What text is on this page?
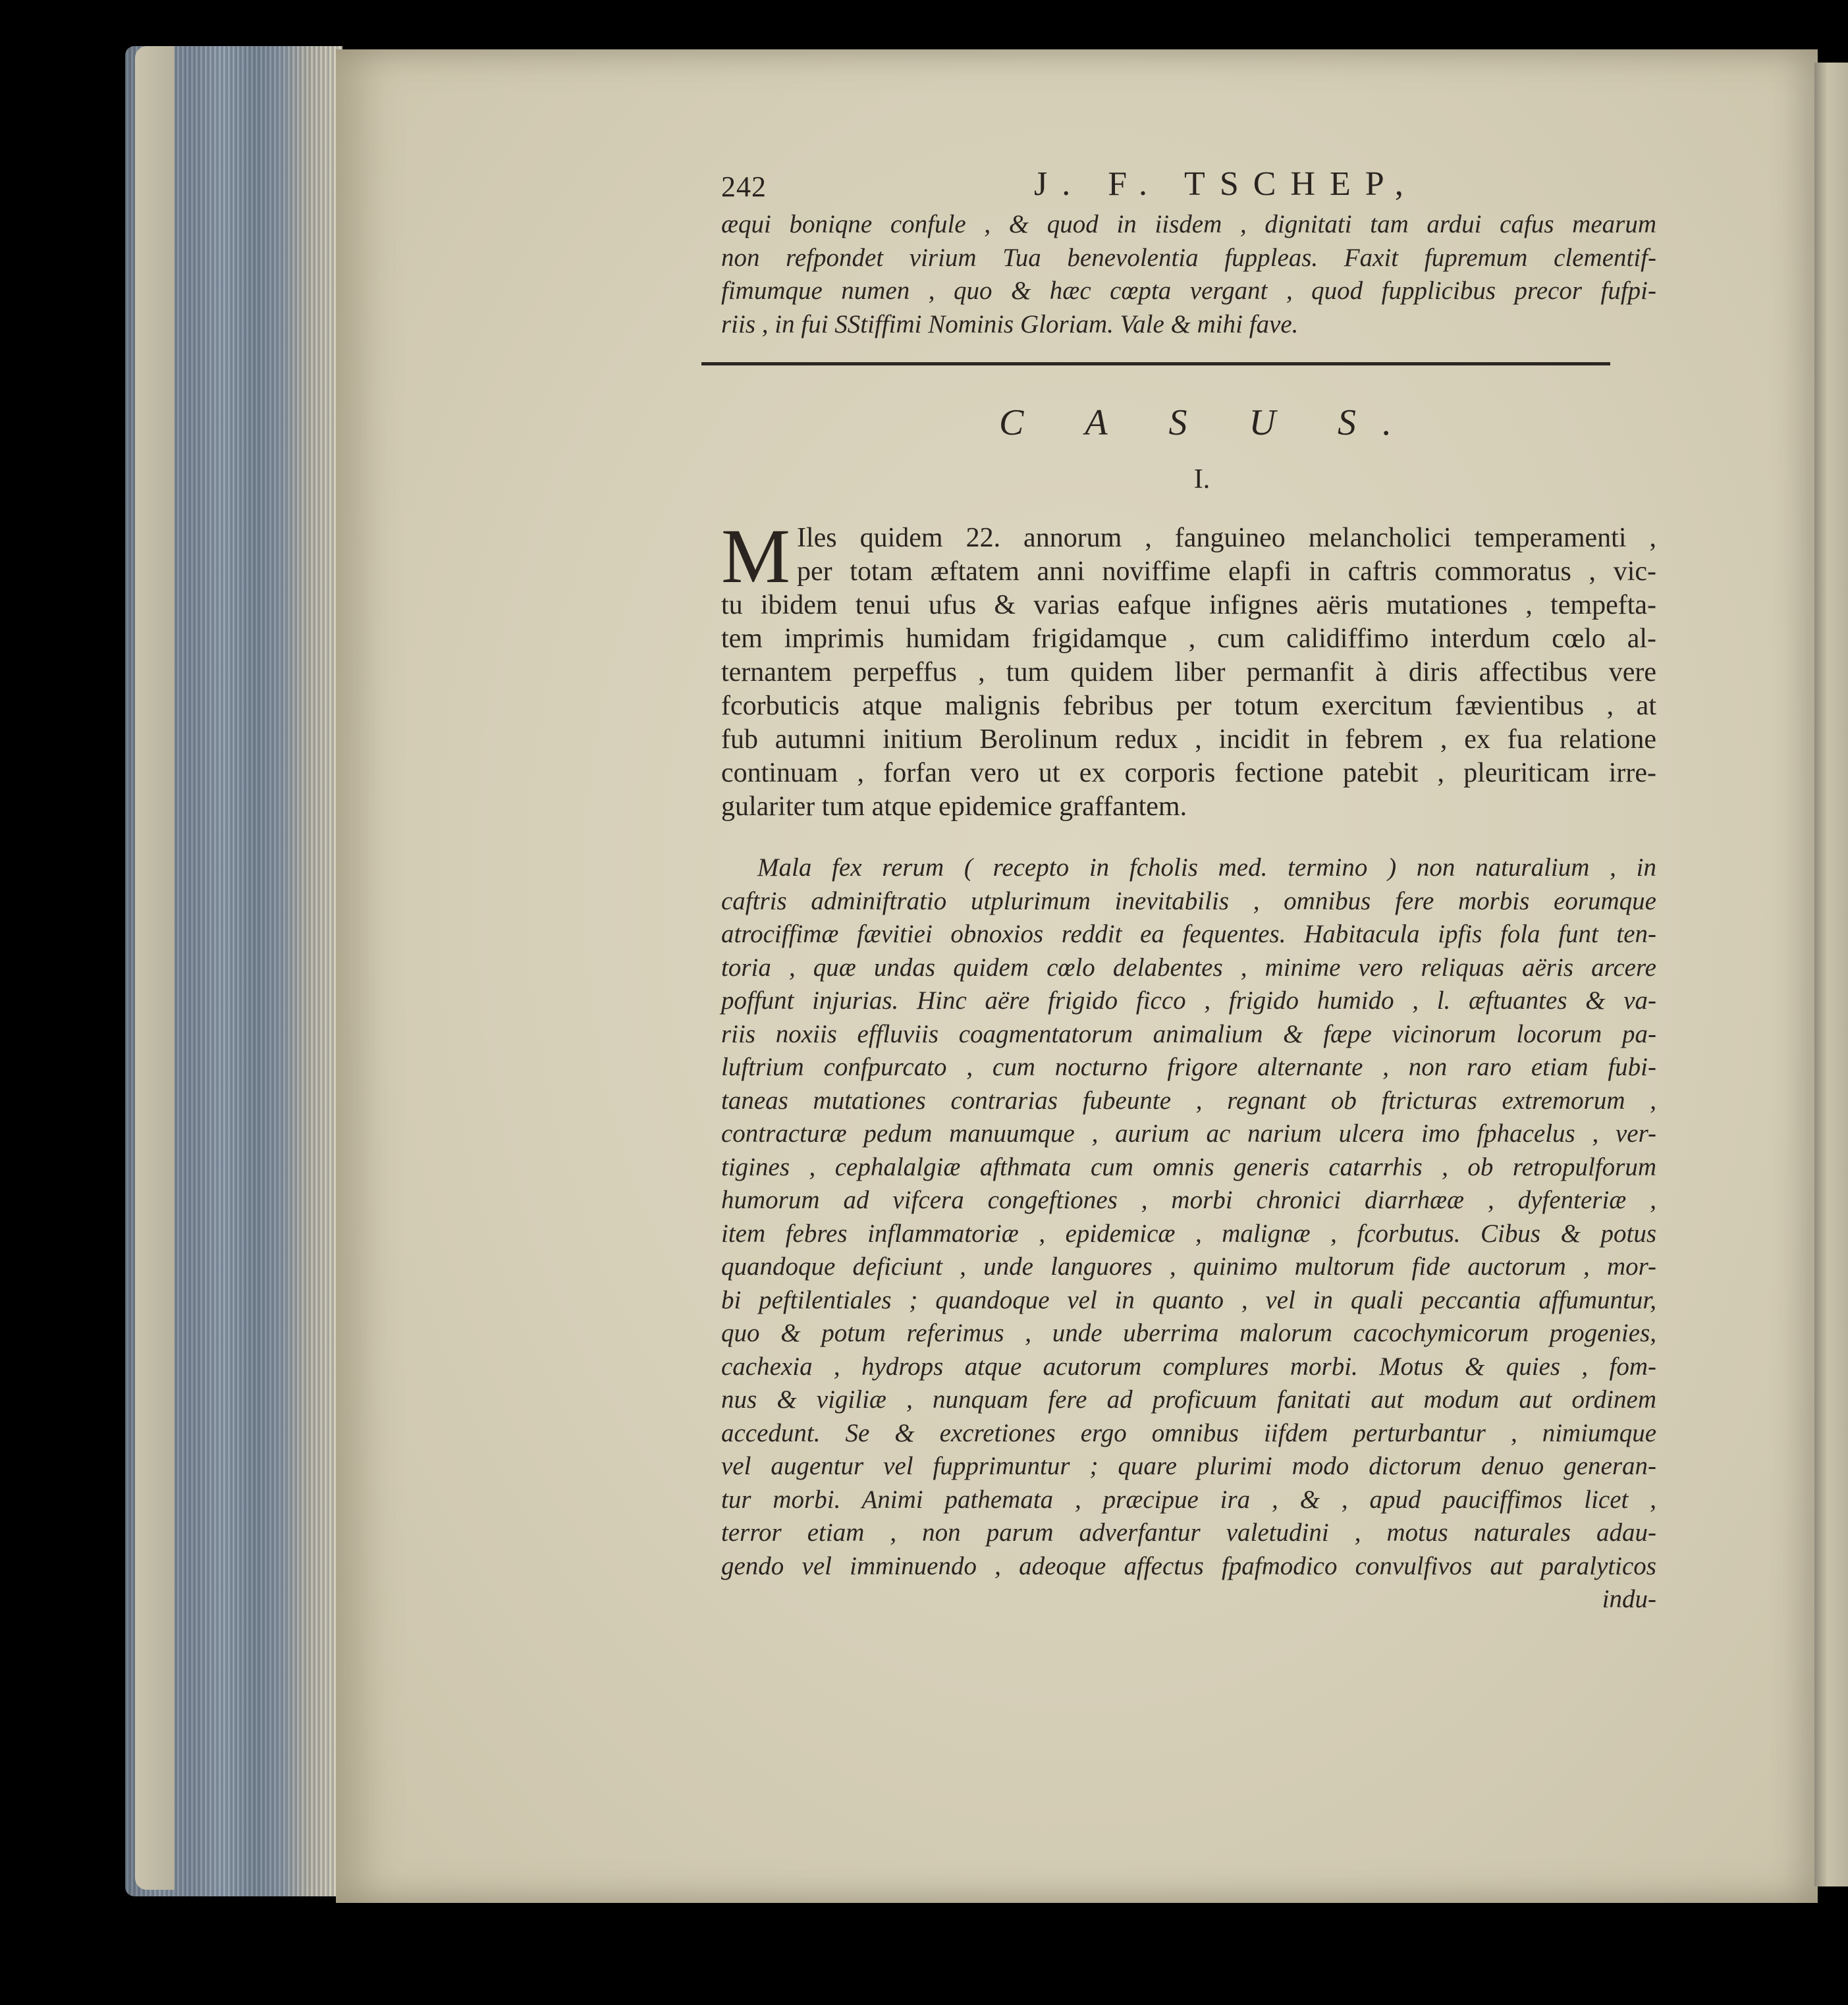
242	J. F. TSCHEP,

æqui boniqne confule , & quod in iisdem , dignitati tam ardui cafus mearum
non refpondet virium Tua benevolentia fuppleas. Faxit fupremum clementif-
fimumque numen , quo & hæc cœpta vergant , quod fupplicibus precor fufpi-
riis , in fui SStiffimi Nominis Gloriam. Vale & mihi fave.

C A S U S.
I.
M Iles quidem 22. annorum , fanguineo melancholici temperamenti ,
per totam æftatem anni noviffime elapfi in caftris commoratus , vic-
tu ibidem tenui ufus & varias eafque infignes aëris mutationes , tempefta-
tem imprimis humidam frigidamque , cum calidiffimo interdum cœlo al-
ternantem perpeffus , tum quidem liber permanfit à diris affectibus vere
fcorbuticis atque malignis febribus per totum exercitum fævientibus , at
fub autumni initium Berolinum redux , incidit in febrem , ex fua relatione
continuam , forfan vero ut ex corporis fectione patebit , pleuriticam irre-
gulariter tum atque epidemice graffantem.

Mala fex rerum ( recepto in fcholis med. termino ) non naturalium , in
caftris adminiftratio utplurimum inevitabilis , omnibus fere morbis eorumque
atrociffimæ fævitiei obnoxios reddit ea fequentes. Habitacula ipfis fola funt ten-
toria , quæ undas quidem cœlo delabentes , minime vero reliquas aëris arcere
poffunt injurias. Hinc aëre frigido ficco , frigido humido , l. æftuantes & va-
riis noxiis effluviis coagmentatorum animalium & fæpe vicinorum locorum pa-
luftrium confpurcato , cum nocturno frigore alternante , non raro etiam fubi-
taneas mutationes contrarias fubeunte , regnant ob ftricturas extremorum ,
contracturæ pedum manuumque , aurium ac narium ulcera imo fphacelus , ver-
tigines , cephalalgiæ afthmata cum omnis generis catarrhis , ob retropulforum
humorum ad vifcera congeftiones , morbi chronici diarrhææ , dyfenteriæ ,
item febres inflammatoriæ , epidemicæ , malignæ , fcorbutus. Cibus & potus
quandoque deficiunt , unde languores , quinimo multorum fide auctorum , mor-
bi peftilentiales ; quandoque vel in quanto , vel in quali peccantia affumuntur,
quo & potum referimus , unde uberrima malorum cacochymicorum progenies,
cachexia , hydrops atque acutorum complures morbi. Motus & quies , fom-
nus & vigiliæ , nunquam fere ad proficuum fanitati aut modum aut ordinem
accedunt. Se & excretiones ergo omnibus iifdem perturbantur , nimiumque
vel augentur vel fupprimuntur ; quare plurimi modo dictorum denuo generan-
tur morbi. Animi pathemata , præcipue ira , & , apud pauciffimos licet ,
terror etiam , non parum adverfantur valetudini , motus naturales adau-
gendo vel imminuendo , adeoque affectus fpafmodico convulfivos aut paralyticos
indu-
